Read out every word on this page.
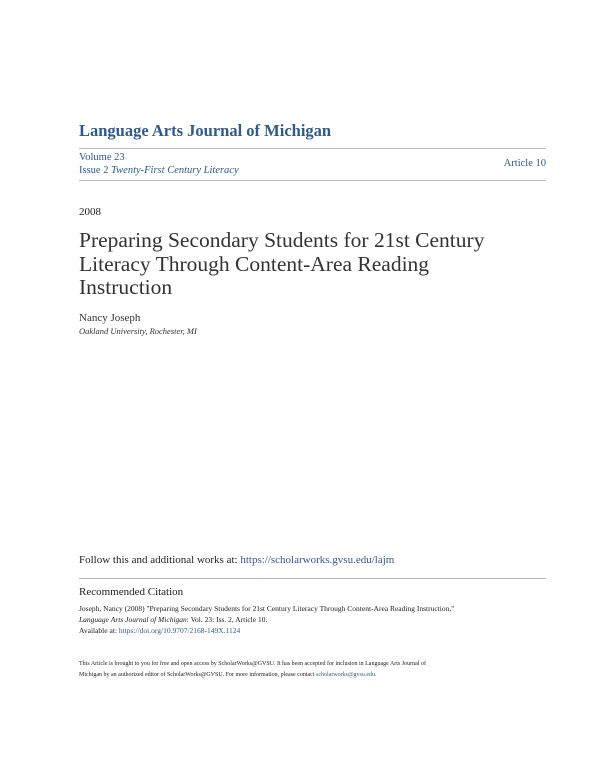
Language Arts Journal of Michigan
Volume 23
Issue 2 Twenty-First Century Literacy
Article 10
2008
Preparing Secondary Students for 21st Century
Literacy Through Content-Area Reading
Instruction
Nancy Joseph
Oakland University, Rochester, MI
Follow this and additional works at: https://scholarworks.gvsu.edu/lajm
Recommended Citation
Joseph, Nancy (2008) "Preparing Secondary Students for 21st Century Literacy Through Content-Area Reading Instruction,"
Language Arts Journal of Michigan: Vol. 23: Iss. 2, Article 10.
Available at: https://doi.org/10.9707/2168-149X.1124
This Article is brought to you for free and open access by ScholarWorks@GVSU. It has been accepted for inclusion in Language Arts Journal of
Michigan by an authorized editor of ScholarWorks@GVSU. For more information, please contact scholarworks@gvsu.edu.
